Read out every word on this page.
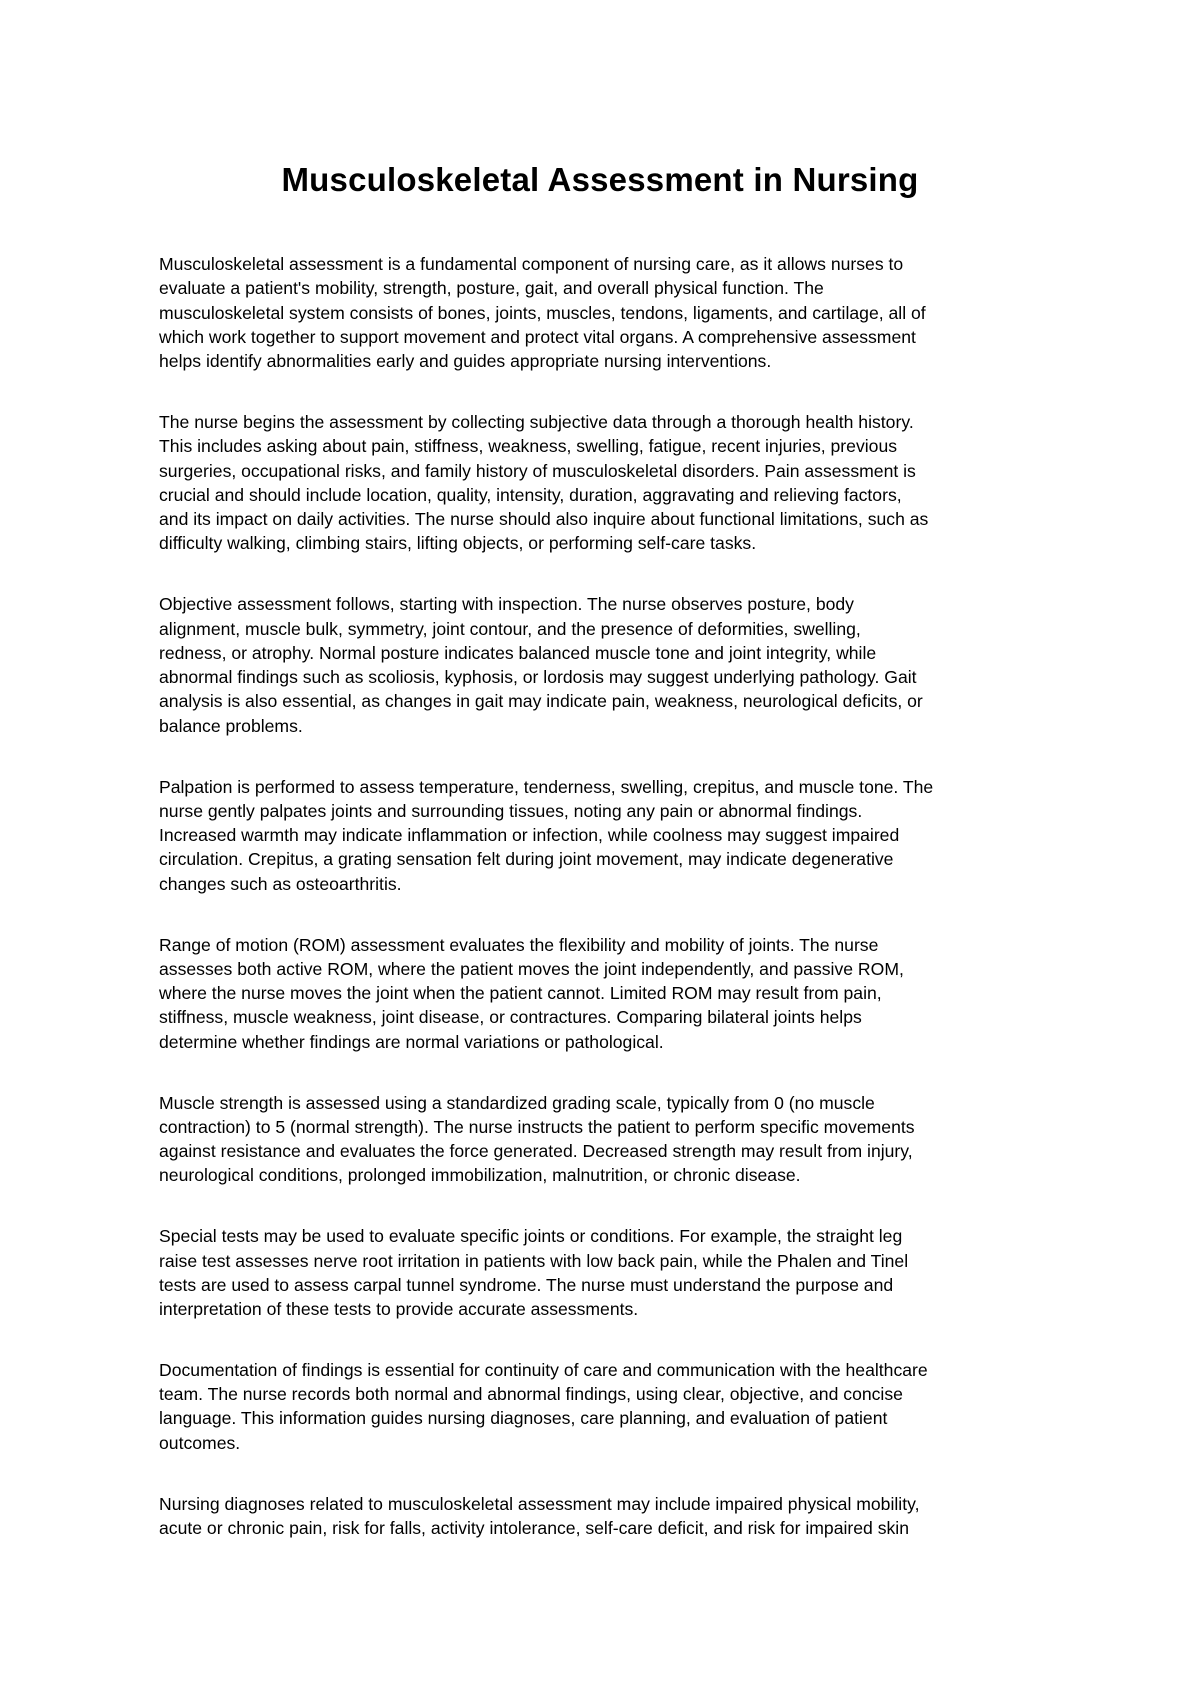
Musculoskeletal Assessment in Nursing

Musculoskeletal assessment is a fundamental component of nursing care, as it allows nurses to
evaluate a patient's mobility, strength, posture, gait, and overall physical function. The
musculoskeletal system consists of bones, joints, muscles, tendons, ligaments, and cartilage, all of
which work together to support movement and protect vital organs. A comprehensive assessment
helps identify abnormalities early and guides appropriate nursing interventions.

The nurse begins the assessment by collecting subjective data through a thorough health history.
This includes asking about pain, stiffness, weakness, swelling, fatigue, recent injuries, previous
surgeries, occupational risks, and family history of musculoskeletal disorders. Pain assessment is
crucial and should include location, quality, intensity, duration, aggravating and relieving factors,
and its impact on daily activities. The nurse should also inquire about functional limitations, such as
difficulty walking, climbing stairs, lifting objects, or performing self-care tasks.

Objective assessment follows, starting with inspection. The nurse observes posture, body
alignment, muscle bulk, symmetry, joint contour, and the presence of deformities, swelling,
redness, or atrophy. Normal posture indicates balanced muscle tone and joint integrity, while
abnormal findings such as scoliosis, kyphosis, or lordosis may suggest underlying pathology. Gait
analysis is also essential, as changes in gait may indicate pain, weakness, neurological deficits, or
balance problems.

Palpation is performed to assess temperature, tenderness, swelling, crepitus, and muscle tone. The
nurse gently palpates joints and surrounding tissues, noting any pain or abnormal findings.
Increased warmth may indicate inflammation or infection, while coolness may suggest impaired
circulation. Crepitus, a grating sensation felt during joint movement, may indicate degenerative
changes such as osteoarthritis.

Range of motion (ROM) assessment evaluates the flexibility and mobility of joints. The nurse
assesses both active ROM, where the patient moves the joint independently, and passive ROM,
where the nurse moves the joint when the patient cannot. Limited ROM may result from pain,
stiffness, muscle weakness, joint disease, or contractures. Comparing bilateral joints helps
determine whether findings are normal variations or pathological.

Muscle strength is assessed using a standardized grading scale, typically from 0 (no muscle
contraction) to 5 (normal strength). The nurse instructs the patient to perform specific movements
against resistance and evaluates the force generated. Decreased strength may result from injury,
neurological conditions, prolonged immobilization, malnutrition, or chronic disease.

Special tests may be used to evaluate specific joints or conditions. For example, the straight leg
raise test assesses nerve root irritation in patients with low back pain, while the Phalen and Tinel
tests are used to assess carpal tunnel syndrome. The nurse must understand the purpose and
interpretation of these tests to provide accurate assessments.

Documentation of findings is essential for continuity of care and communication with the healthcare
team. The nurse records both normal and abnormal findings, using clear, objective, and concise
language. This information guides nursing diagnoses, care planning, and evaluation of patient
outcomes.

Nursing diagnoses related to musculoskeletal assessment may include impaired physical mobility,
acute or chronic pain, risk for falls, activity intolerance, self-care deficit, and risk for impaired skin
